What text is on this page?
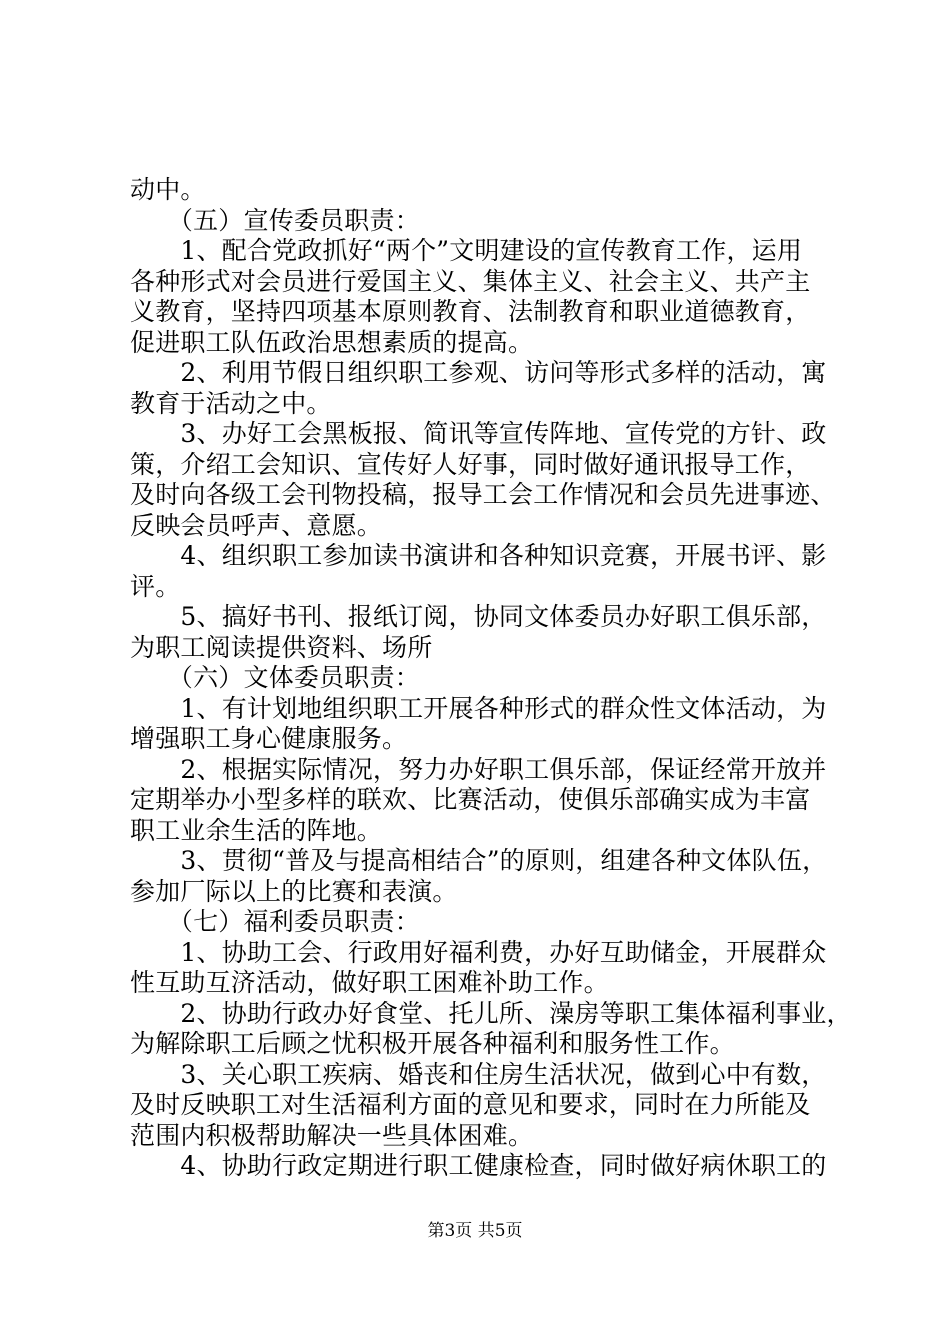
动中。
　　（五）宣传委员职责：
　　1、配合党政抓好“两个”文明建设的宣传教育工作，运用
各种形式对会员进行爱国主义、集体主义、社会主义、共产主
义教育，坚持四项基本原则教育、法制教育和职业道德教育，
促进职工队伍政治思想素质的提高。
　　2、利用节假日组织职工参观、访问等形式多样的活动，寓
教育于活动之中。
　　3、办好工会黑板报、简讯等宣传阵地、宣传党的方针、政
策，介绍工会知识、宣传好人好事，同时做好通讯报导工作，
及时向各级工会刊物投稿，报导工会工作情况和会员先进事迹、
反映会员呼声、意愿。
　　4、组织职工参加读书演讲和各种知识竞赛，开展书评、影
评。
　　5、搞好书刊、报纸订阅，协同文体委员办好职工俱乐部，
为职工阅读提供资料、场所
　　（六）文体委员职责：
　　1、有计划地组织职工开展各种形式的群众性文体活动，为
增强职工身心健康服务。
　　2、根据实际情况，努力办好职工俱乐部，保证经常开放并
定期举办小型多样的联欢、比赛活动，使俱乐部确实成为丰富
职工业余生活的阵地。
　　3、贯彻“普及与提高相结合”的原则，组建各种文体队伍，
参加厂际以上的比赛和表演。
　　（七）福利委员职责：
　　1、协助工会、行政用好福利费，办好互助储金，开展群众
性互助互济活动，做好职工困难补助工作。
　　2、协助行政办好食堂、托儿所、澡房等职工集体福利事业，
为解除职工后顾之忧积极开展各种福利和服务性工作。
　　3、关心职工疾病、婚丧和住房生活状况，做到心中有数，
及时反映职工对生活福利方面的意见和要求，同时在力所能及
范围内积极帮助解决一些具体困难。
　　4、协助行政定期进行职工健康检查，同时做好病休职工的
第3页 共5页
